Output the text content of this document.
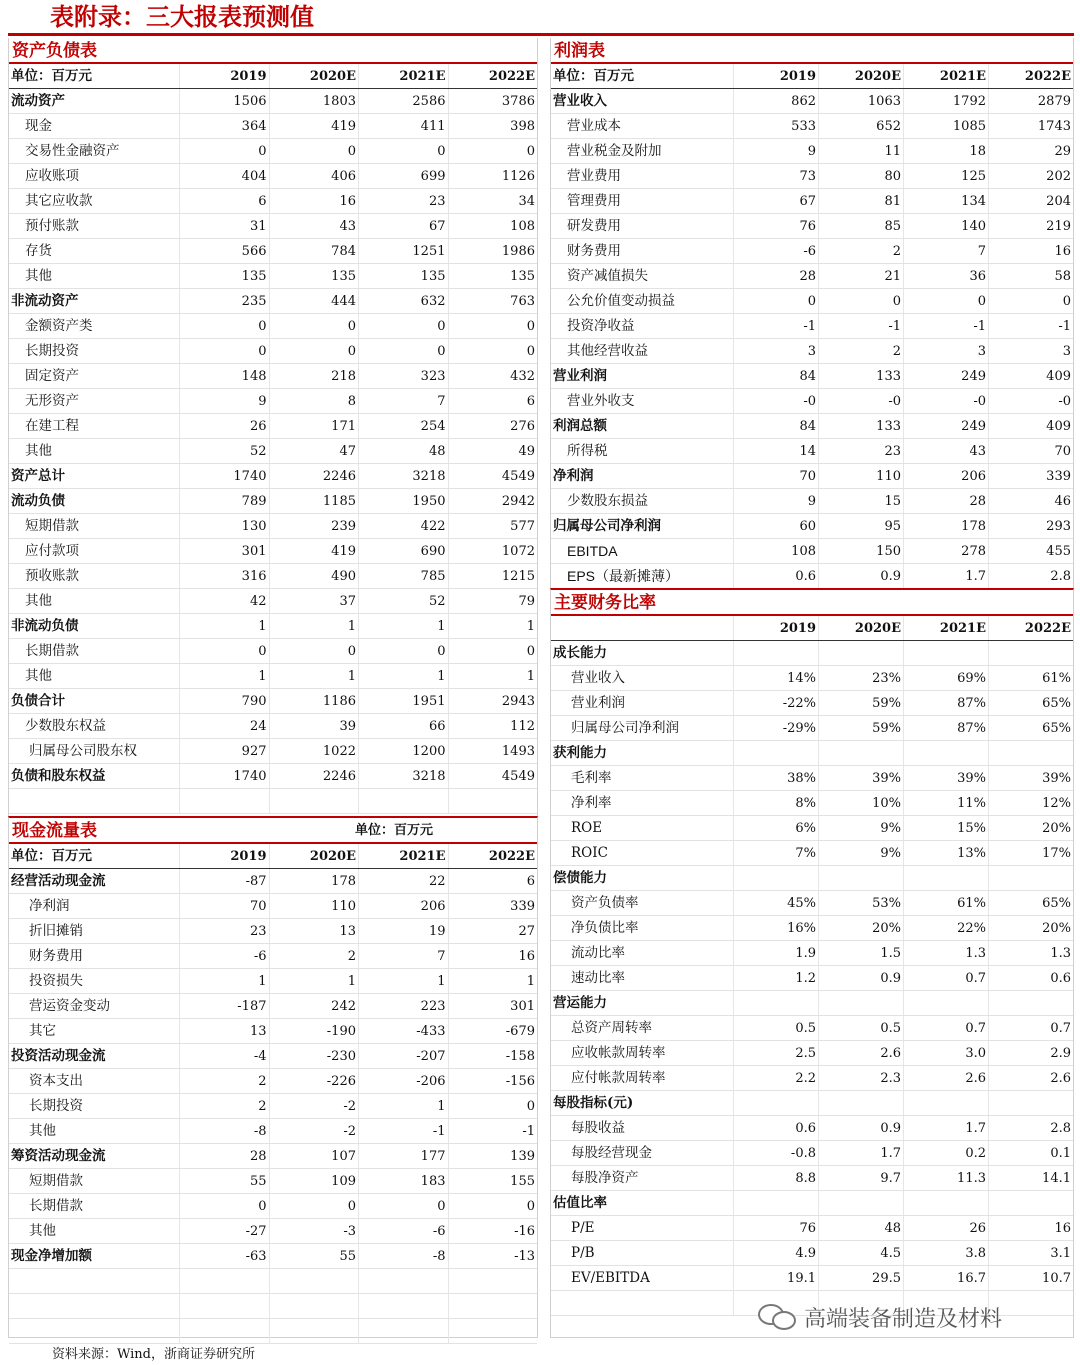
表附录：三大报表预测值
资产负债表
单位：百万元	2019	2020E	2021E	2022E
流动资产	1506	1803	2586	3786
现金	364	419	411	398
交易性金融资产	0	0	0	0
应收账项	404	406	699	1126
其它应收款	6	16	23	34
预付账款	31	43	67	108
存货	566	784	1251	1986
其他	135	135	135	135
非流动资产	235	444	632	763
金额资产类	0	0	0	0
长期投资	0	0	0	0
固定资产	148	218	323	432
无形资产	9	8	7	6
在建工程	26	171	254	276
其他	52	47	48	49
资产总计	1740	2246	3218	4549
流动负债	789	1185	1950	2942
短期借款	130	239	422	577
应付款项	301	419	690	1072
预收账款	316	490	785	1215
其他	42	37	52	79
非流动负债	1	1	1	1
长期借款	0	0	0	0
其他	1	1	1	1
负债合计	790	1186	1951	2943
少数股东权益	24	39	66	112
归属母公司股东权	927	1022	1200	1493
负债和股东权益	1740	2246	3218	4549
现金流量表	单位：百万元
单位：百万元	2019	2020E	2021E	2022E
经营活动现金流	-87	178	22	6
净利润	70	110	206	339
折旧摊销	23	13	19	27
财务费用	-6	2	7	16
投资损失	1	1	1	1
营运资金变动	-187	242	223	301
其它	13	-190	-433	-679
投资活动现金流	-4	-230	-207	-158
资本支出	2	-226	-206	-156
长期投资	2	-2	1	0
其他	-8	-2	-1	-1
筹资活动现金流	28	107	177	139
短期借款	55	109	183	155
长期借款	0	0	0	0
其他	-27	-3	-6	-16
现金净增加额	-63	55	-8	-13
利润表
单位：百万元	2019	2020E	2021E	2022E
营业收入	862	1063	1792	2879
营业成本	533	652	1085	1743
营业税金及附加	9	11	18	29
营业费用	73	80	125	202
管理费用	67	81	134	204
研发费用	76	85	140	219
财务费用	-6	2	7	16
资产减值损失	28	21	36	58
公允价值变动损益	0	0	0	0
投资净收益	-1	-1	-1	-1
其他经营收益	3	2	3	3
营业利润	84	133	249	409
营业外收支	-0	-0	-0	-0
利润总额	84	133	249	409
所得税	14	23	43	70
净利润	70	110	206	339
少数股东损益	9	15	28	46
归属母公司净利润	60	95	178	293
EBITDA	108	150	278	455
EPS（最新摊薄）	0.6	0.9	1.7	2.8
主要财务比率
2019	2020E	2021E	2022E
成长能力
营业收入	14%	23%	69%	61%
营业利润	-22%	59%	87%	65%
归属母公司净利润	-29%	59%	87%	65%
获利能力
毛利率	38%	39%	39%	39%
净利率	8%	10%	11%	12%
ROE	6%	9%	15%	20%
ROIC	7%	9%	13%	17%
偿债能力
资产负债率	45%	53%	61%	65%
净负债比率	16%	20%	22%	20%
流动比率	1.9	1.5	1.3	1.3
速动比率	1.2	0.9	0.7	0.6
营运能力
总资产周转率	0.5	0.5	0.7	0.7
应收帐款周转率	2.5	2.6	3.0	2.9
应付帐款周转率	2.2	2.3	2.6	2.6
每股指标(元)
每股收益	0.6	0.9	1.7	2.8
每股经营现金	-0.8	1.7	0.2	0.1
每股净资产	8.8	9.7	11.3	14.1
估值比率
P/E	76	48	26	16
P/B	4.9	4.5	3.8	3.1
EV/EBITDA	19.1	29.5	16.7	10.7
资料来源：Wind，浙商证券研究所
高端装备制造及材料
